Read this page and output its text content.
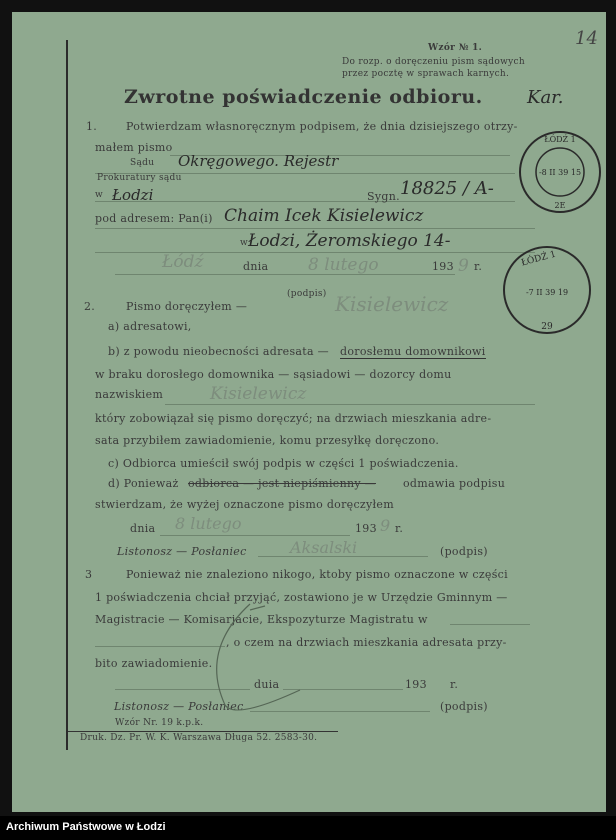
14
Wzór № 1.
Do rozp. o doręczeniu pism sądowych
przez pocztę w sprawach karnych.
Zwrotne poświadczenie odbioru. Kar.
1.	Potwierdzam własnoręcznym podpisem, że dnia dzisiejszego otrzy-
małem pismo
Sądu Okręgowego. Rejestr
Prokuratury sądu
w Łodzi	Sygn. 18825 / A-
pod adresem: Pan(i) Chaim Icek Kisielewicz
w Łodzi, Żeromskiego 14-
Łódź	dnia 8 lutego	193 9 r.
(podpis) Kisielewicz
2.	Pismo doręczyłem —
a) adresatowi,
b) z powodu nieobecności adresata — dorosłemu domownikowi
w braku dorosłego domownika — sąsiadowi — dozorcy domu
nazwiskiem	Kisielewicz
który zobowiązał się pismo doręczyć; na drzwiach mieszkania adre-
sata przybiłem zawiadomienie, komu przesyłkę doręczono.
c) Odbiorca umieścił swój podpis w części 1 poświadczenia.
d) Ponieważ odbiorca — jest niepiśmienny — odmawia podpisu
stwierdzam, że wyżej oznaczone pismo doręczyłem
dnia 8 lutego	193 9 r.
Listonosz — Posłaniec	Aksalski	(podpis)
3	Ponieważ nie znaleziono nikogo, ktoby pismo oznaczone w części
1 poświadczenia chciał przyjąć, zostawiono je w Urzędzie Gminnym —
Magistracie — Komisarjacie, Ekspozyturze Magistratu w
, o czem na drzwiach mieszkania adresata przy-
bito zawiadomienie.
duia	193 r.
Listonosz — Posłaniec	(podpis)
Wzór Nr. 19 k.p.k.
Druk. Dz. Pr. W. K. Warszawa Długa 52. 2583-30.
ŁÓDŹ 1
-8 II 39 15
2E
ŁÓDŹ 1
-7 II 39 19
29
Archiwum Państwowe w Łodzi
